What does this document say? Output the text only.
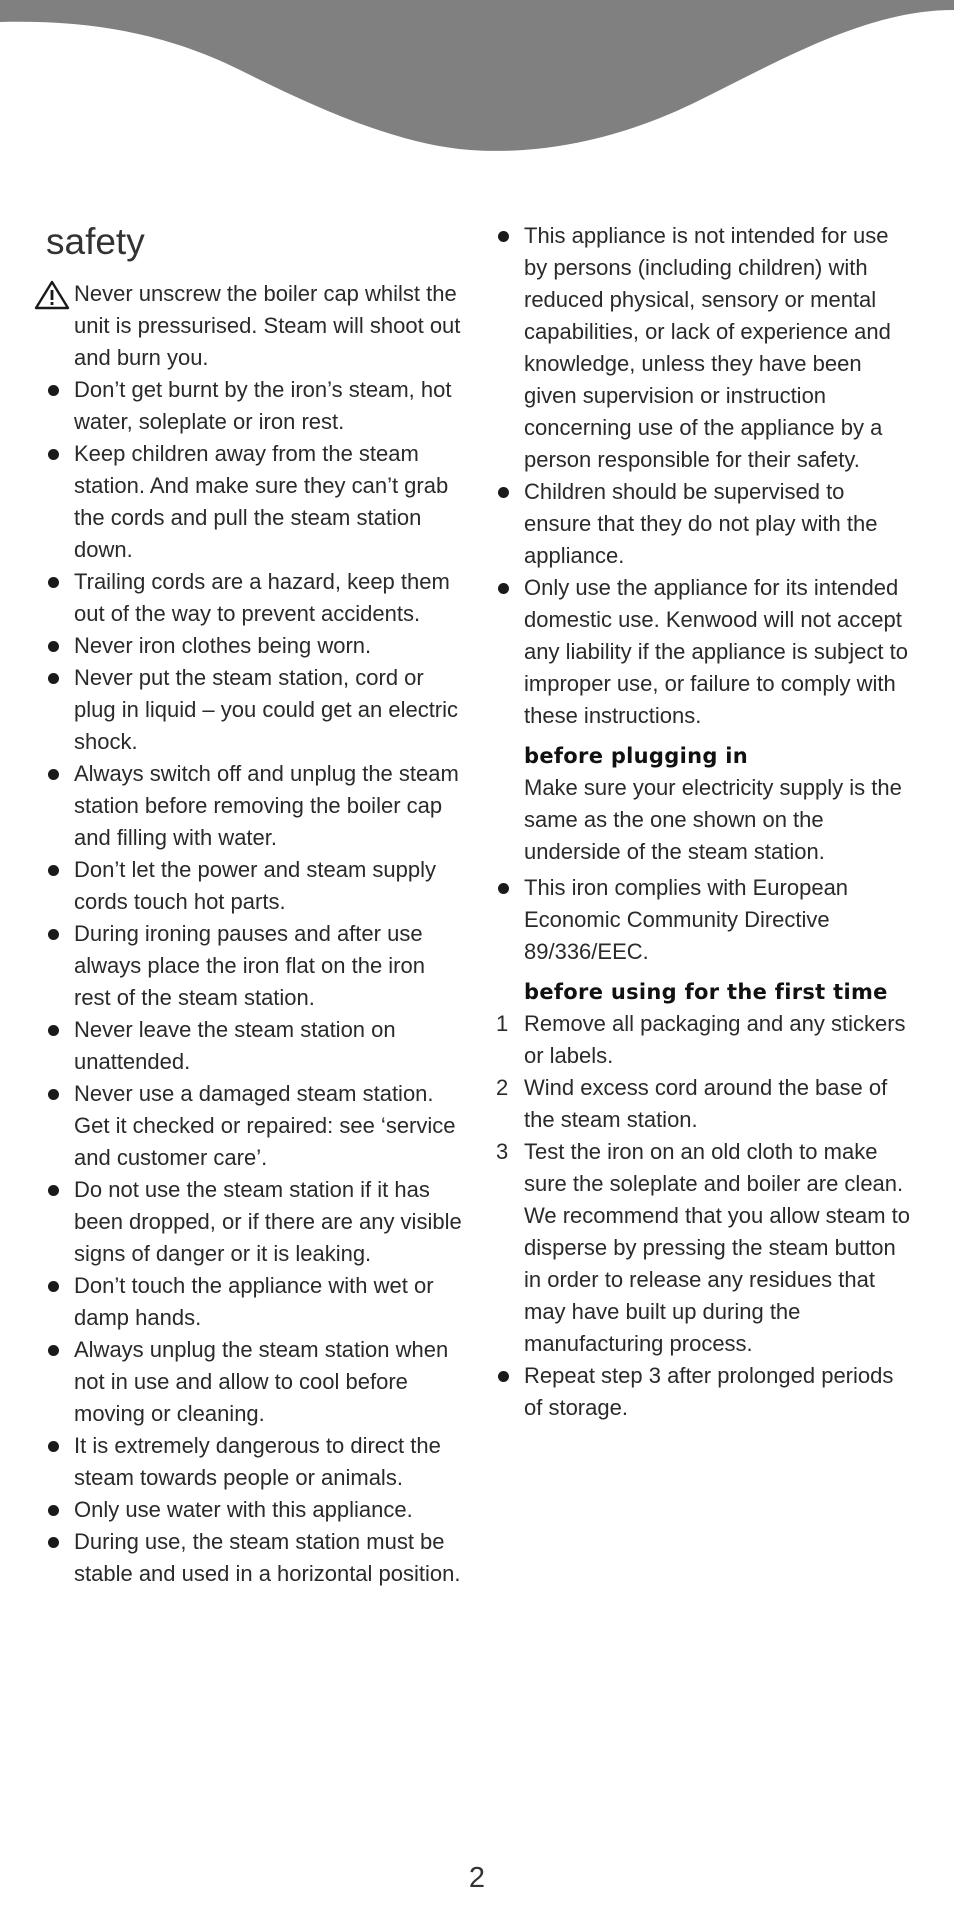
safety
Never unscrew the boiler cap whilst the unit is pressurised. Steam will shoot out and burn you.
Don’t get burnt by the iron’s steam, hot water, soleplate or iron rest.
Keep children away from the steam station. And make sure they can’t grab the cords and pull the steam station down.
Trailing cords are a hazard, keep them out of the way to prevent accidents.
Never iron clothes being worn.
Never put the steam station, cord or plug in liquid – you could get an electric shock.
Always switch off and unplug the steam station before removing the boiler cap and filling with water.
Don’t let the power and steam supply cords touch hot parts.
During ironing pauses and after use always place the iron flat on the iron rest of the steam station.
Never leave the steam station on unattended.
Never use a damaged steam station. Get it checked or repaired: see ‘service and customer care’.
Do not use the steam station if it has been dropped, or if there are any visible signs of danger or it is leaking.
Don’t touch the appliance with wet or damp hands.
Always unplug the steam station when not in use and allow to cool before moving or cleaning.
It is extremely dangerous to direct the steam towards people or animals.
Only use water with this appliance.
During use, the steam station must be stable and used in a horizontal position.
This appliance is not intended for use by persons (including children) with reduced physical, sensory or mental capabilities, or lack of experience and knowledge, unless they have been given supervision or instruction concerning use of the appliance by a person responsible for their safety.
Children should be supervised to ensure that they do not play with the appliance.
Only use the appliance for its intended domestic use. Kenwood will not accept any liability if the appliance is subject to improper use, or failure to comply with these instructions.
before plugging in
Make sure your electricity supply is the same as the one shown on the underside of the steam station.
This iron complies with European Economic Community Directive 89/336/EEC.
before using for the first time
1 Remove all packaging and any stickers or labels.
2 Wind excess cord around the base of the steam station.
3 Test the iron on an old cloth to make sure the soleplate and boiler are clean. We recommend that you allow steam to disperse by pressing the steam button in order to release any residues that may have built up during the manufacturing process.
Repeat step 3 after prolonged periods of storage.
2
